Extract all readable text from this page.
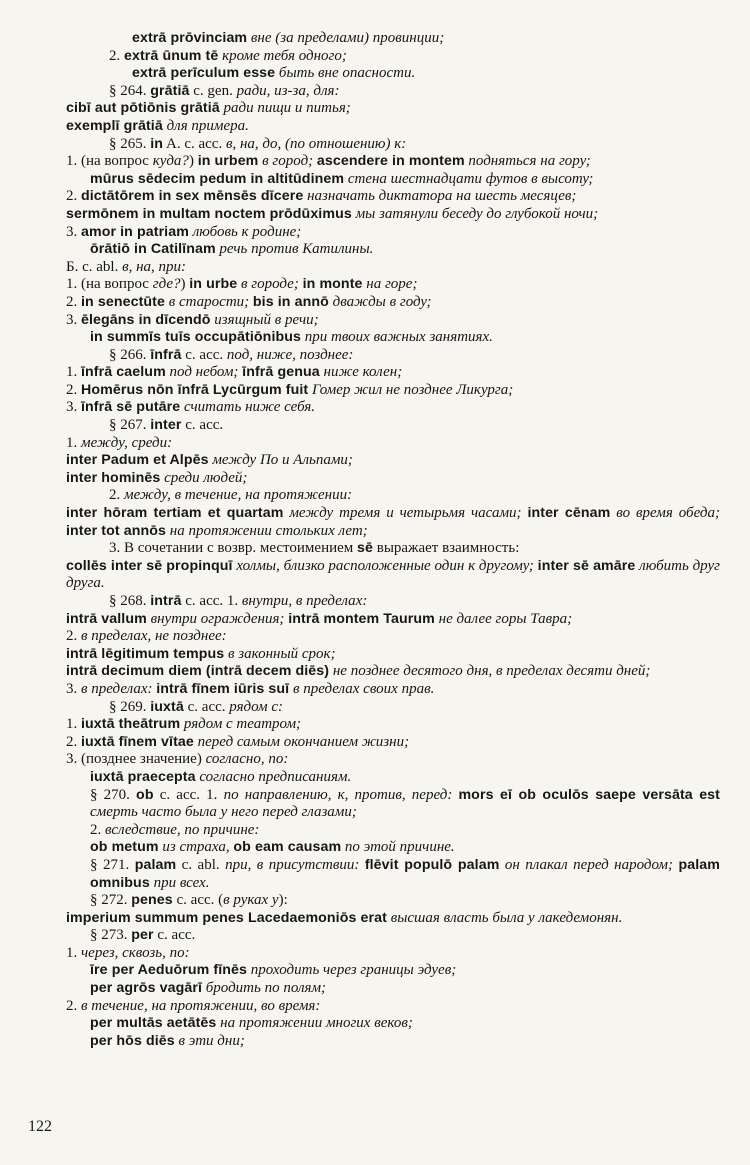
extrā prōvinciam вне (за пределами) провинции;
2. extrā ūnum tē кроме тебя одного;
extrā perīculum esse быть вне опасности.
§ 264. grātiā c. gen. ради, из-за, для:
cibī aut pōtiōnis grātiā ради пищи и питья;
exemplī grātiā для примера.
§ 265. in A. c. acc. в, на, до, (по отношению) к:
1. (на вопрос куда?) in urbem в город; ascendere in montem подняться на гору;
mūrus sēdecim pedum in altitūdinem стена шестнадцати футов в высоту;
2. dictātōrem in sex mēnsēs dīcere назначать диктатора на шесть месяцев;
sermōnem in multam noctem prōdūximus мы затянули беседу до глубокой ночи;
3. amor in patriam любовь к родине;
ōrātiō in Catilīnam речь против Катилины.
Б. c. abl. в, на, при:
1. (на вопрос где?) in urbe в городе; in monte на горе;
2. in senectūte в старости; bis in annō дважды в году;
3. ēlegāns in dīcendō изящный в речи;
in summīs tuīs occupātiōnibus при твоих важных занятиях.
§ 266. īnfrā c. acc. под, ниже, позднее:
1. īnfrā caelum под небом; īnfrā genua ниже колен;
2. Homērus nōn īnfrā Lycūrgum fuit Гомер жил не позднее Ликурга;
3. īnfrā sē putāre считать ниже себя.
§ 267. inter c. acc.
1. между, среди:
inter Padum et Alpēs между По и Альпами;
inter hominēs среди людей;
2. между, в течение, на протяжении:
inter hōram tertiam et quartam между тремя и четырьмя часами; inter cēnam во время обеда; inter tot annōs на протяжении стольких лет;
3. В сочетании с возвр. местоимением sē выражает взаимность:
collēs inter sē propinquī холмы, близко расположенные один к другому; inter sē amāre любить друг друга.
§ 268. intrā c. acc. 1. внутри, в пределах:
intrā vallum внутри ограждения; intrā montem Taurum не далее горы Тавра;
2. в пределах, не позднее:
intrā lēgitimum tempus в законный срок;
intrā decimum diem (intrā decem diēs) не позднее десятого дня, в пределах десяти дней;
3. в пределах: intrā fīnem iūris suī в пределах своих прав.
§ 269. iuxtā c. acc. рядом с:
1. iuxtā theātrum рядом с театром;
2. iuxtā fīnem vītae перед самым окончанием жизни;
3. (позднее значение) согласно, по:
iuxtā praecepta согласно предписаниям.
§ 270. ob c. acc. 1. по направлению, к, против, перед: mors eī ob oculōs saepe versāta est смерть часто была у него перед глазами;
2. вследствие, по причине:
ob metum из страха, ob eam causam по этой причине.
§ 271. palam c. abl. при, в присутствии: flēvit populō palam он плакал перед народом; palam omnibus при всех.
§ 272. penes c. acc. (в руках у):
imperium summum penes Lacedaemoniōs erat высшая власть была у лакедемонян.
§ 273. per c. acc.
1. через, сквозь, по:
īre per Aeduōrum fīnēs проходить через границы эдуев;
per agrōs vagārī бродить по полям;
2. в течение, на протяжении, во время:
per multās aetātēs на протяжении многих веков;
per hōs diēs в эти дни;
122
